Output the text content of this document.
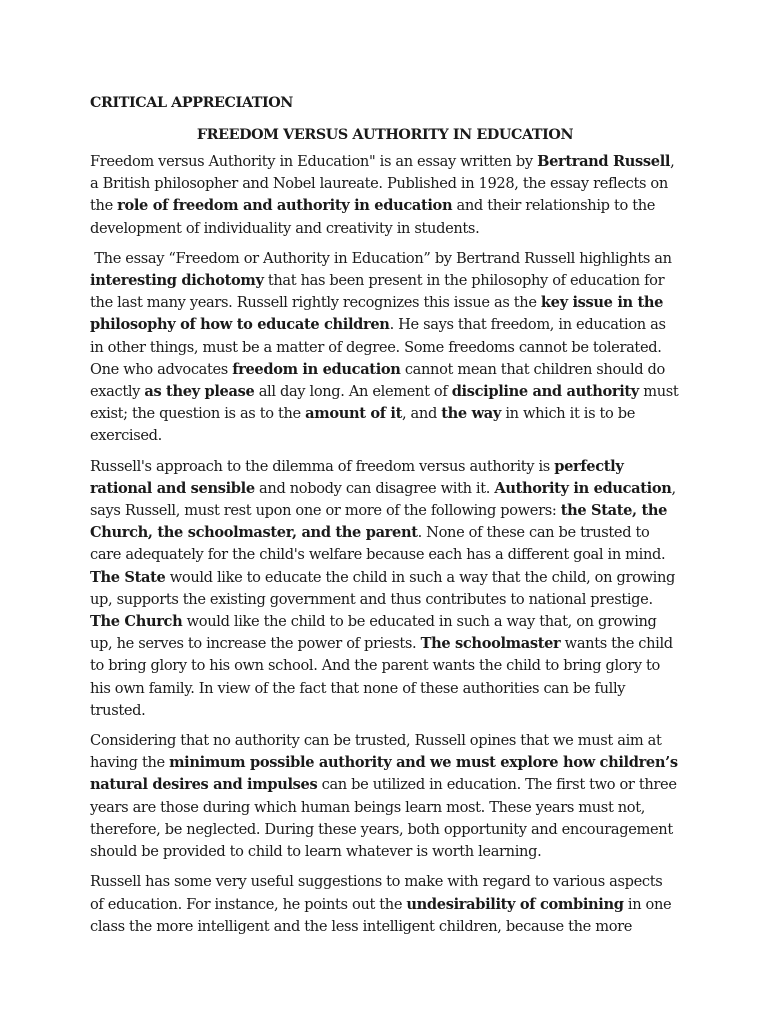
CRITICAL APPRECIATION

FREEDOM VERSUS AUTHORITY IN EDUCATION

Freedom versus Authority in Education" is an essay written by Bertrand Russell, a British philosopher and Nobel laureate. Published in 1928, the essay reflects on the role of freedom and authority in education and their relationship to the development of individuality and creativity in students.

The essay “Freedom or Authority in Education” by Bertrand Russell highlights an interesting dichotomy that has been present in the philosophy of education for the last many years. Russell rightly recognizes this issue as the key issue in the philosophy of how to educate children. He says that freedom, in education as in other things, must be a matter of degree. Some freedoms cannot be tolerated. One who advocates freedom in education cannot mean that children should do exactly as they please all day long. An element of discipline and authority must exist; the question is as to the amount of it, and the way in which it is to be exercised.

Russell's approach to the dilemma of freedom versus authority is perfectly rational and sensible and nobody can disagree with it. Authority in education, says Russell, must rest upon one or more of the following powers: the State, the Church, the schoolmaster, and the parent. None of these can be trusted to care adequately for the child's welfare because each has a different goal in mind. The State would like to educate the child in such a way that the child, on growing up, supports the existing government and thus contributes to national prestige. The Church would like the child to be educated in such a way that, on growing up, he serves to increase the power of priests. The schoolmaster wants the child to bring glory to his own school. And the parent wants the child to bring glory to his own family. In view of the fact that none of these authorities can be fully trusted.

Considering that no authority can be trusted, Russell opines that we must aim at having the minimum possible authority and we must explore how children’s natural desires and impulses can be utilized in education. The first two or three years are those during which human beings learn most. These years must not, therefore, be neglected. During these years, both opportunity and encouragement should be provided to child to learn whatever is worth learning.

Russell has some very useful suggestions to make with regard to various aspects of education. For instance, he points out the undesirability of combining in one class the more intelligent and the less intelligent children, because the more
